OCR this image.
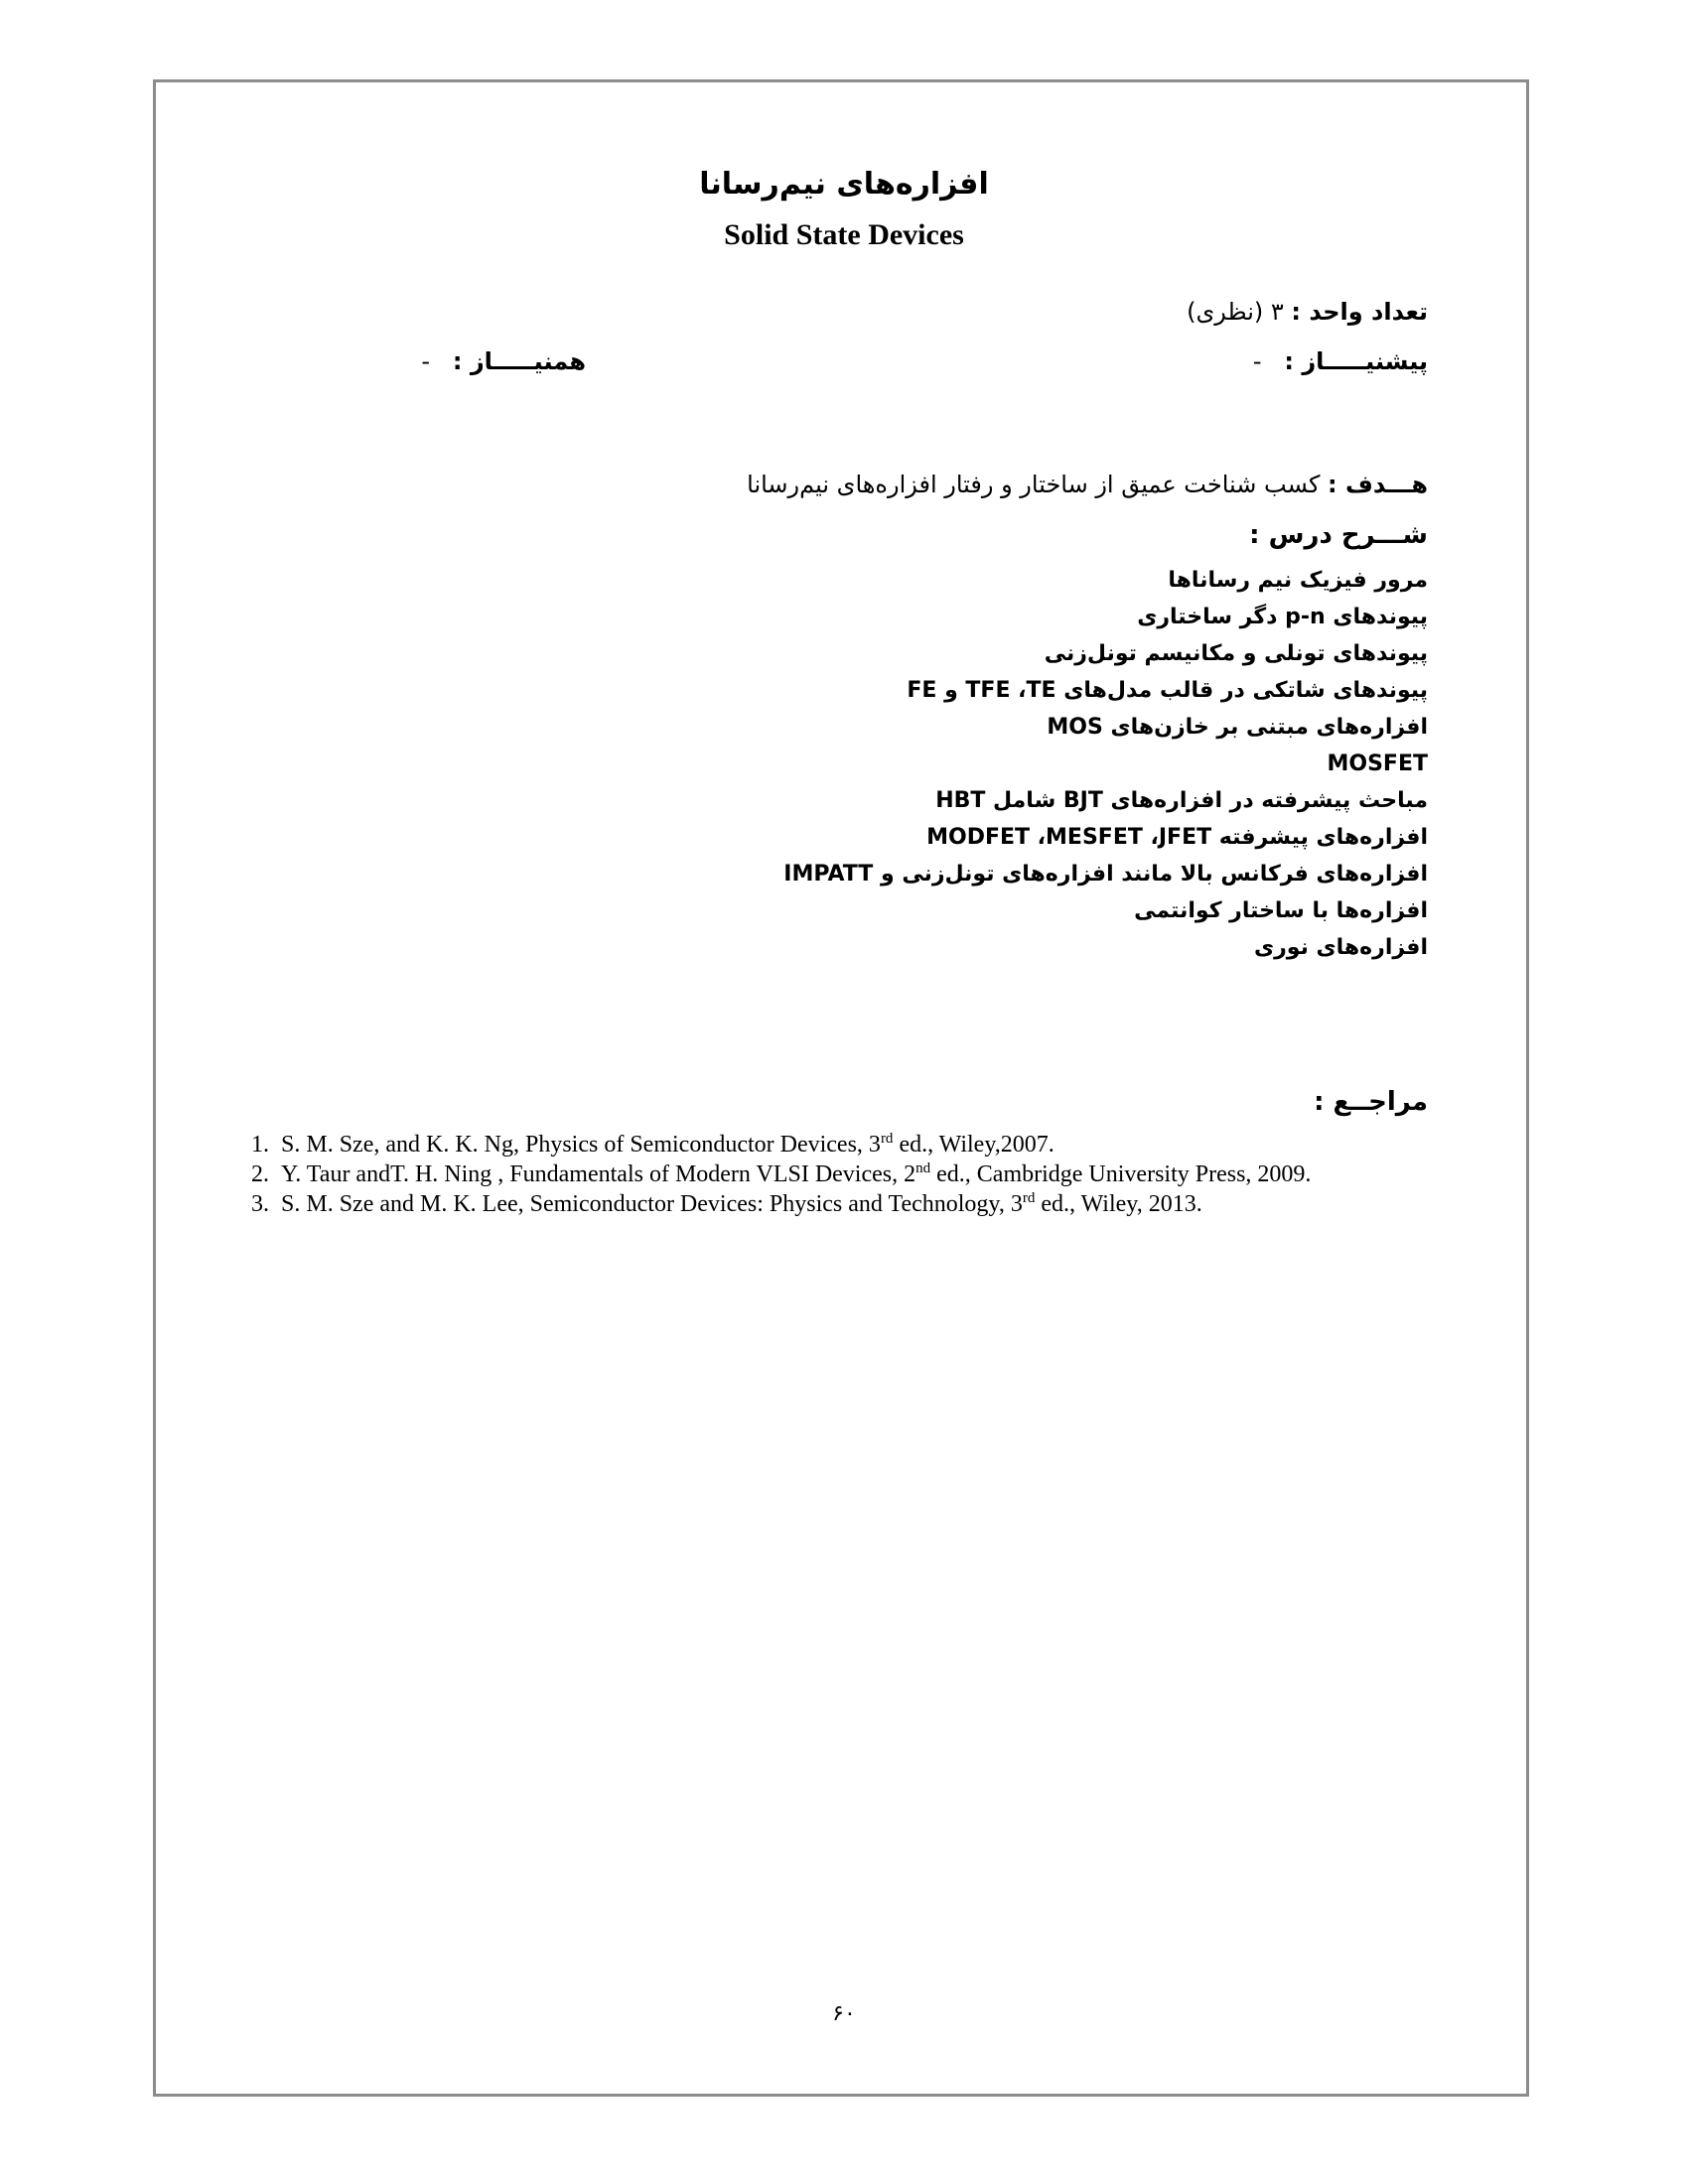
افزاره‌های نیم‌رسانا
Solid State Devices
تعداد واحد : ۳ (نظری)
پیشنیـــــاز :   -
همنیـــــاز :   -
هـــدف : کسب شناخت عمیق از ساختار و رفتار افزاره‌های نیم‌رسانا
شـــرح درس :
مرور فیزیک نیم رساناها
پیوندهای p-n دگر ساختاری
پیوندهای تونلی و مکانیسم تونل‌زنی
پیوندهای شاتکی در قالب مدل‌های TFE ،TE و FE
افزاره‌های مبتنی بر خازن‌های MOS
MOSFET
مباحث پیشرفته در افزاره‌های BJT شامل HBT
افزاره‌های پیشرفته MODFET ،MESFET ،JFET
افزاره‌های فرکانس بالا مانند افزاره‌های تونل‌زنی و IMPATT
افزاره‌ها با ساختار کوانتمی
افزاره‌های نوری
مراجــع :
1. S. M. Sze, and K. K. Ng, Physics of Semiconductor Devices, 3rd ed., Wiley,2007.
2. Y. Taur andT. H. Ning , Fundamentals of Modern VLSI Devices, 2nd ed., Cambridge University Press, 2009.
3. S. M. Sze and M. K. Lee, Semiconductor Devices: Physics and Technology, 3rd ed., Wiley, 2013.
۶۰
